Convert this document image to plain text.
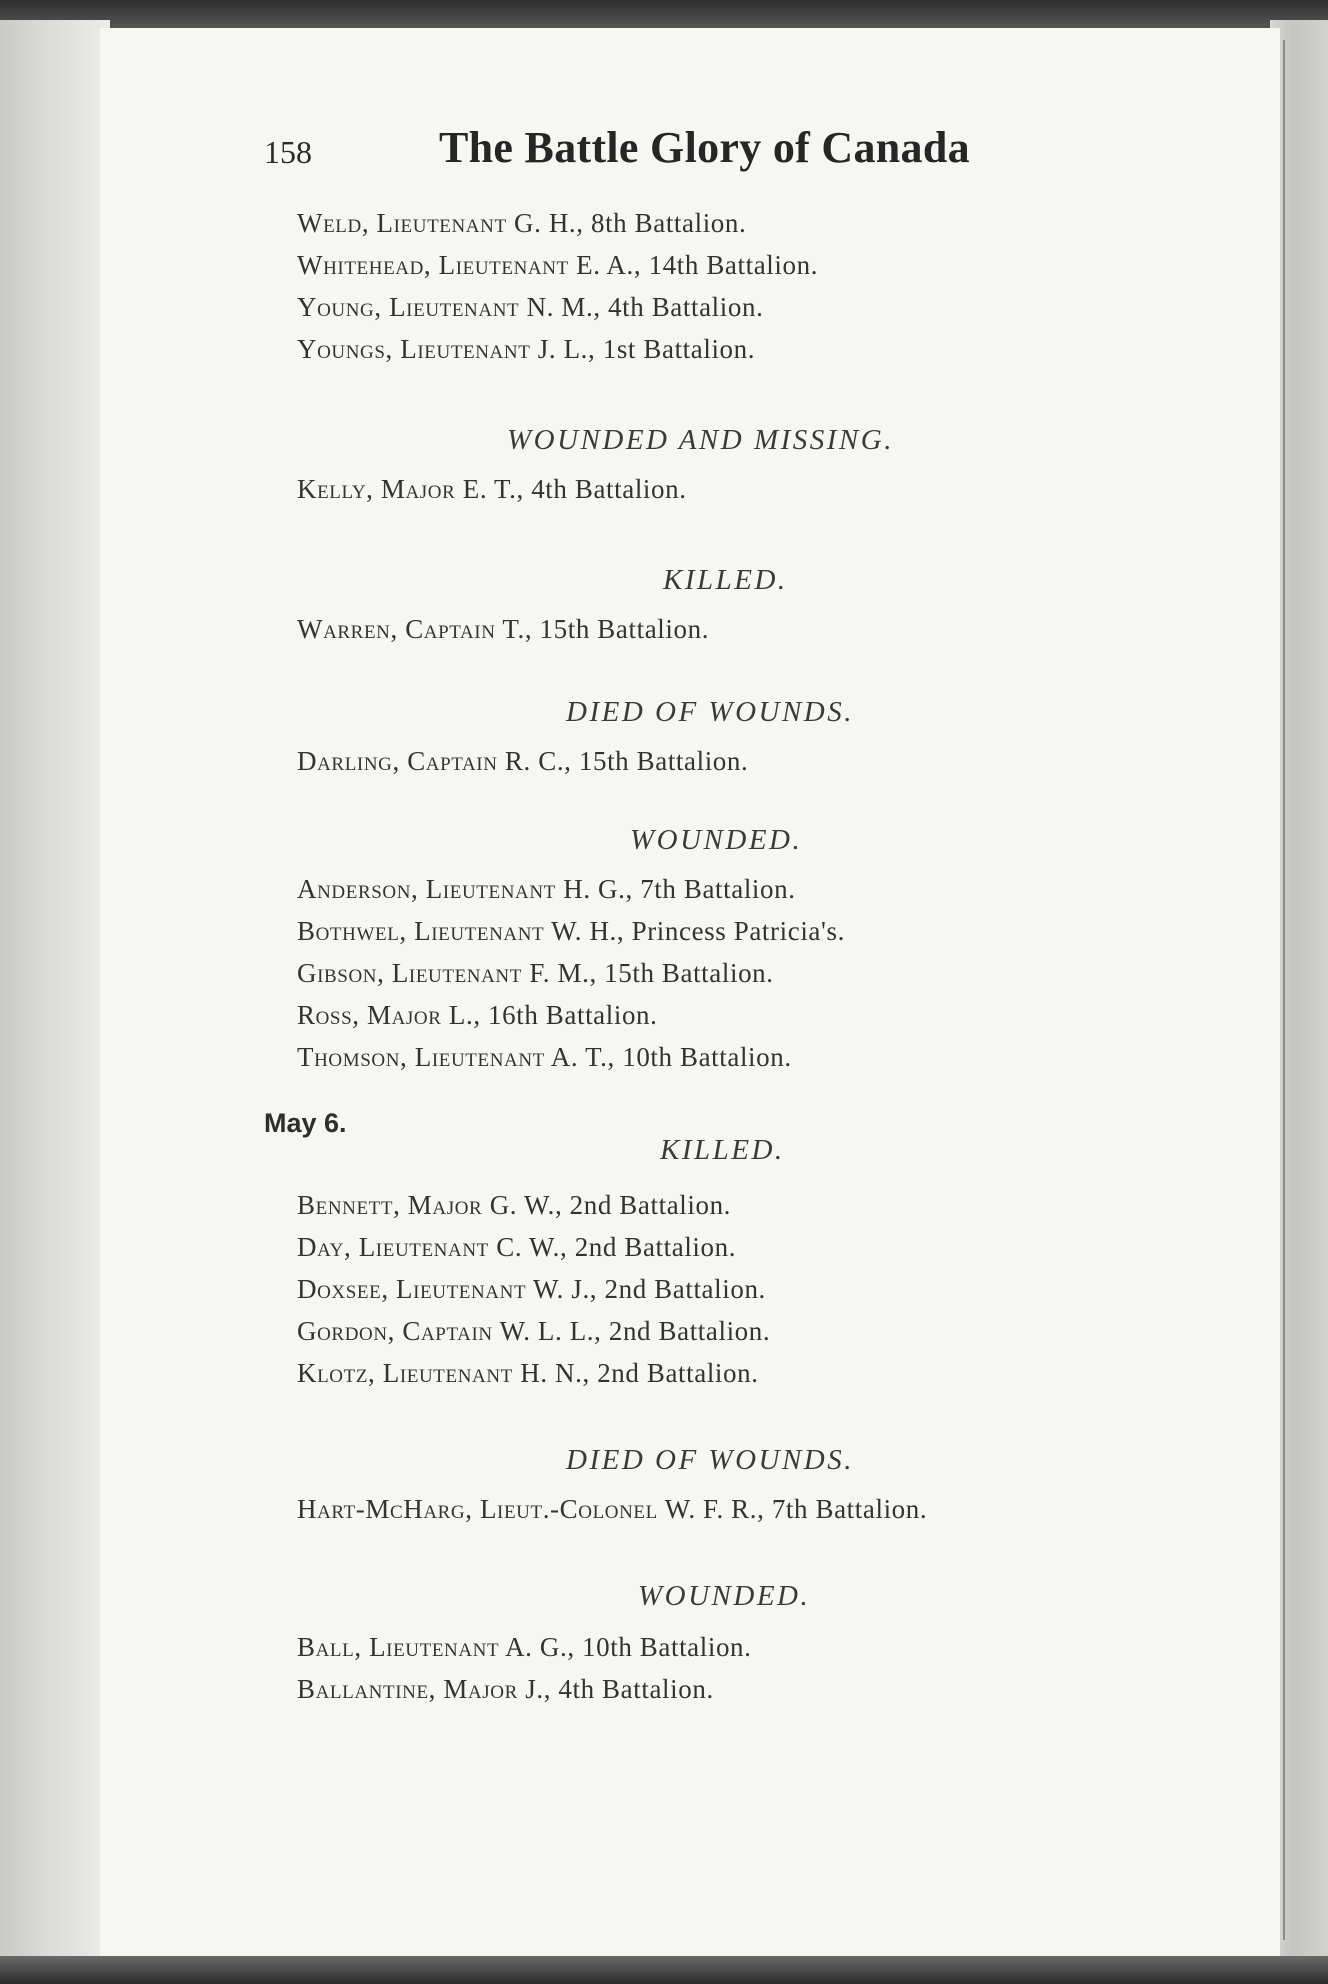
158	The Battle Glory of Canada
Weld, Lieutenant G. H., 8th Battalion.
Whitehead, Lieutenant E. A., 14th Battalion.
Young, Lieutenant N. M., 4th Battalion.
Youngs, Lieutenant J. L., 1st Battalion.
WOUNDED AND MISSING.
Kelly, Major E. T., 4th Battalion.
KILLED.
Warren, Captain T., 15th Battalion.
DIED OF WOUNDS.
Darling, Captain R. C., 15th Battalion.
WOUNDED.
Anderson, Lieutenant H. G., 7th Battalion.
Bothwel, Lieutenant W. H., Princess Patricia's.
Gibson, Lieutenant F. M., 15th Battalion.
Ross, Major L., 16th Battalion.
Thomson, Lieutenant A. T., 10th Battalion.
May 6.
KILLED.
Bennett, Major G. W., 2nd Battalion.
Day, Lieutenant C. W., 2nd Battalion.
Doxsee, Lieutenant W. J., 2nd Battalion.
Gordon, Captain W. L. L., 2nd Battalion.
Klotz, Lieutenant H. N., 2nd Battalion.
DIED OF WOUNDS.
Hart-McHarg, Lieut.-Colonel W. F. R., 7th Battalion.
WOUNDED.
Ball, Lieutenant A. G., 10th Battalion.
Ballantine, Major J., 4th Battalion.
